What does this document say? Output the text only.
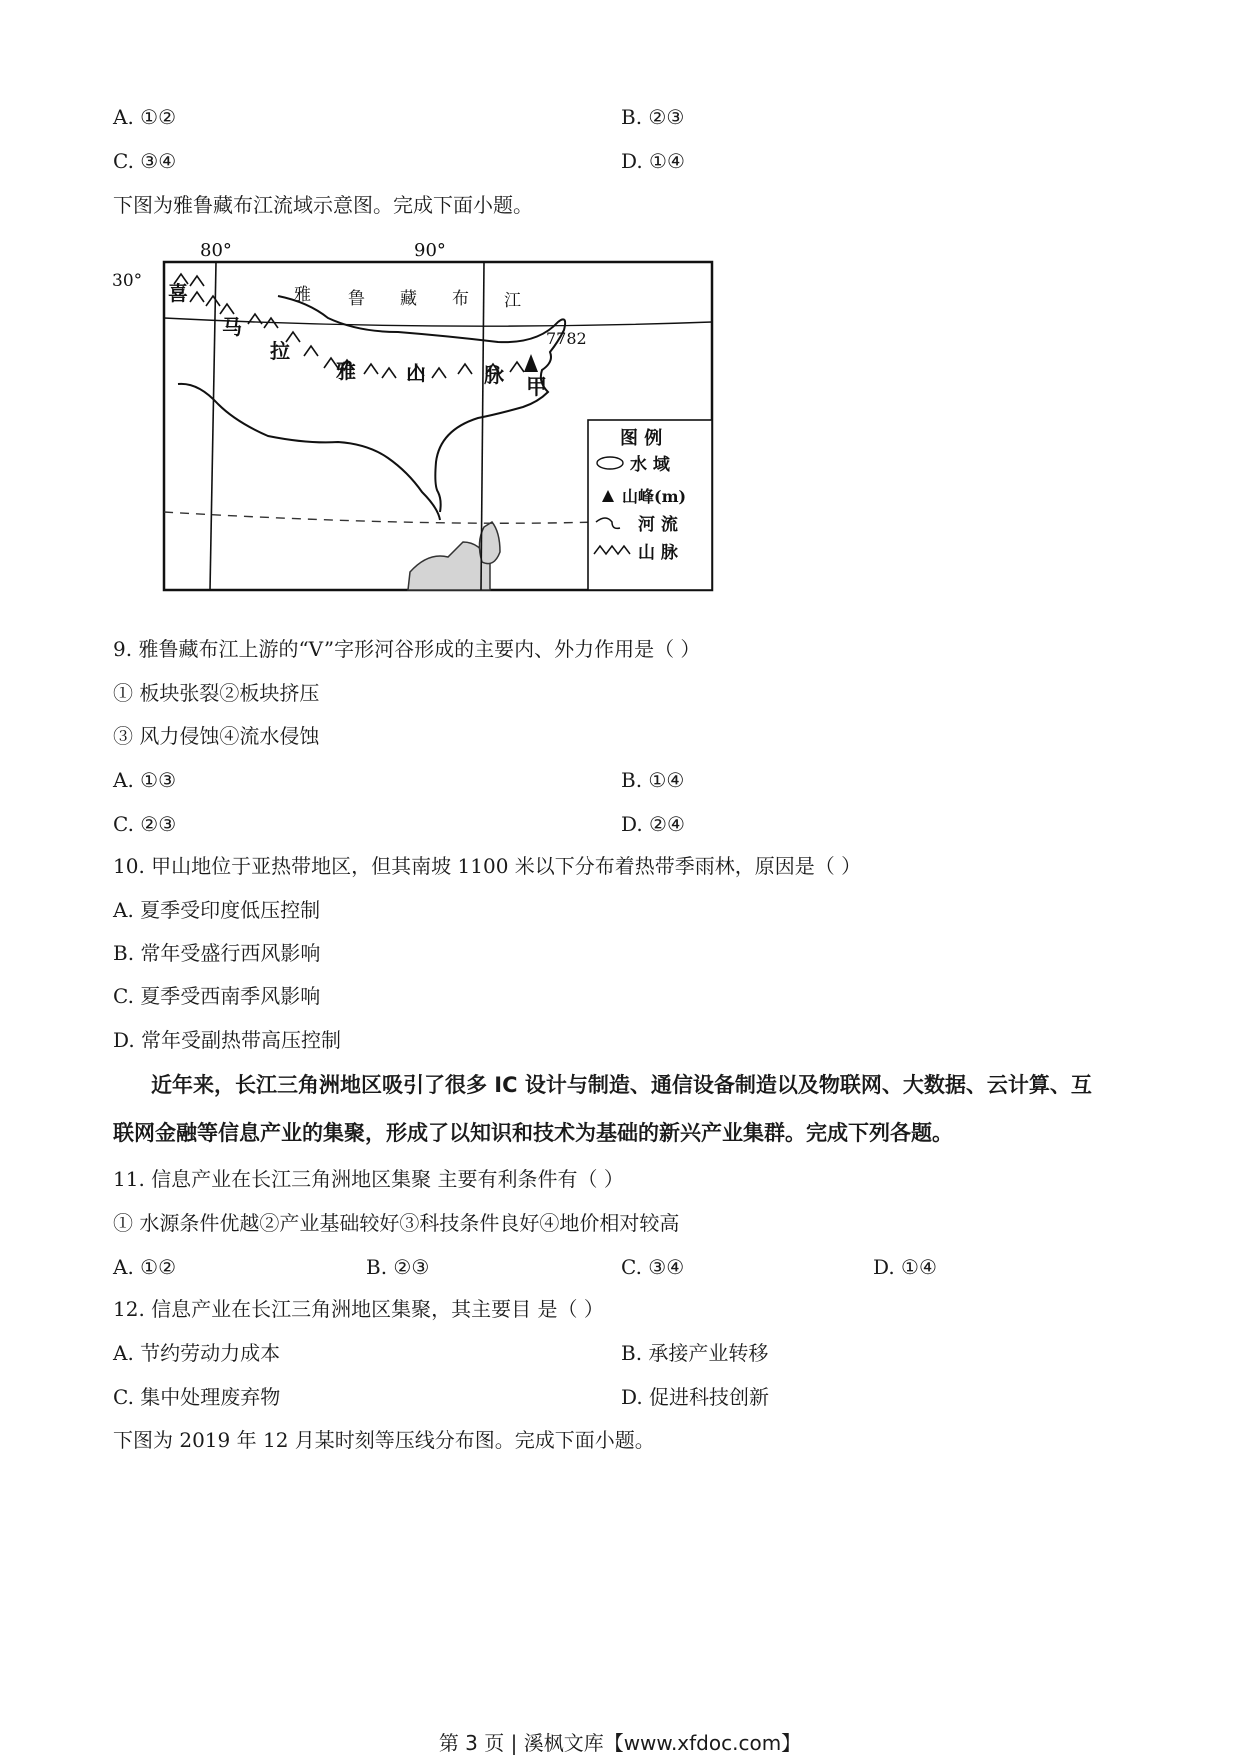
A. ①②	B. ②③
C. ③④	D. ①④
下图为雅鲁藏布江流域示意图。完成下面小题。
80°	90°
30°
雅 鲁 藏 布 江
喜
马
拉
雅	山	脉 甲
7782
图 例
水 域
山峰(m)
河 流
山 脉
9. 雅鲁藏布江上游的“V”字形河谷形成的主要内、外力作用是（ ）
① 板块张裂②板块挤压
③ 风力侵蚀④流水侵蚀
A. ①③	B. ①④
C. ②③	D. ②④
10. 甲山地位于亚热带地区，但其南坡 1100 米以下分布着热带季雨林，原因是（ ）
A. 夏季受印度低压控制
B. 常年受盛行西风影响
C. 夏季受西南季风影响
D. 常年受副热带高压控制
近年来，长江三角洲地区吸引了很多 IC 设计与制造、通信设备制造以及物联网、大数据、云计算、互
联网金融等信息产业的集聚，形成了以知识和技术为基础的新兴产业集群。完成下列各题。
11. 信息产业在长江三角洲地区集聚 主要有利条件有（ ）
① 水源条件优越②产业基础较好③科技条件良好④地价相对较高
A. ①②	B. ②③	C. ③④	D. ①④
12. 信息产业在长江三角洲地区集聚，其主要目 是（ ）
A. 节约劳动力成本	B. 承接产业转移
C. 集中处理废弃物	D. 促进科技创新
下图为 2019 年 12 月某时刻等压线分布图。完成下面小题。
第 3 页 | 溪枫文库【www.xfdoc.com】
